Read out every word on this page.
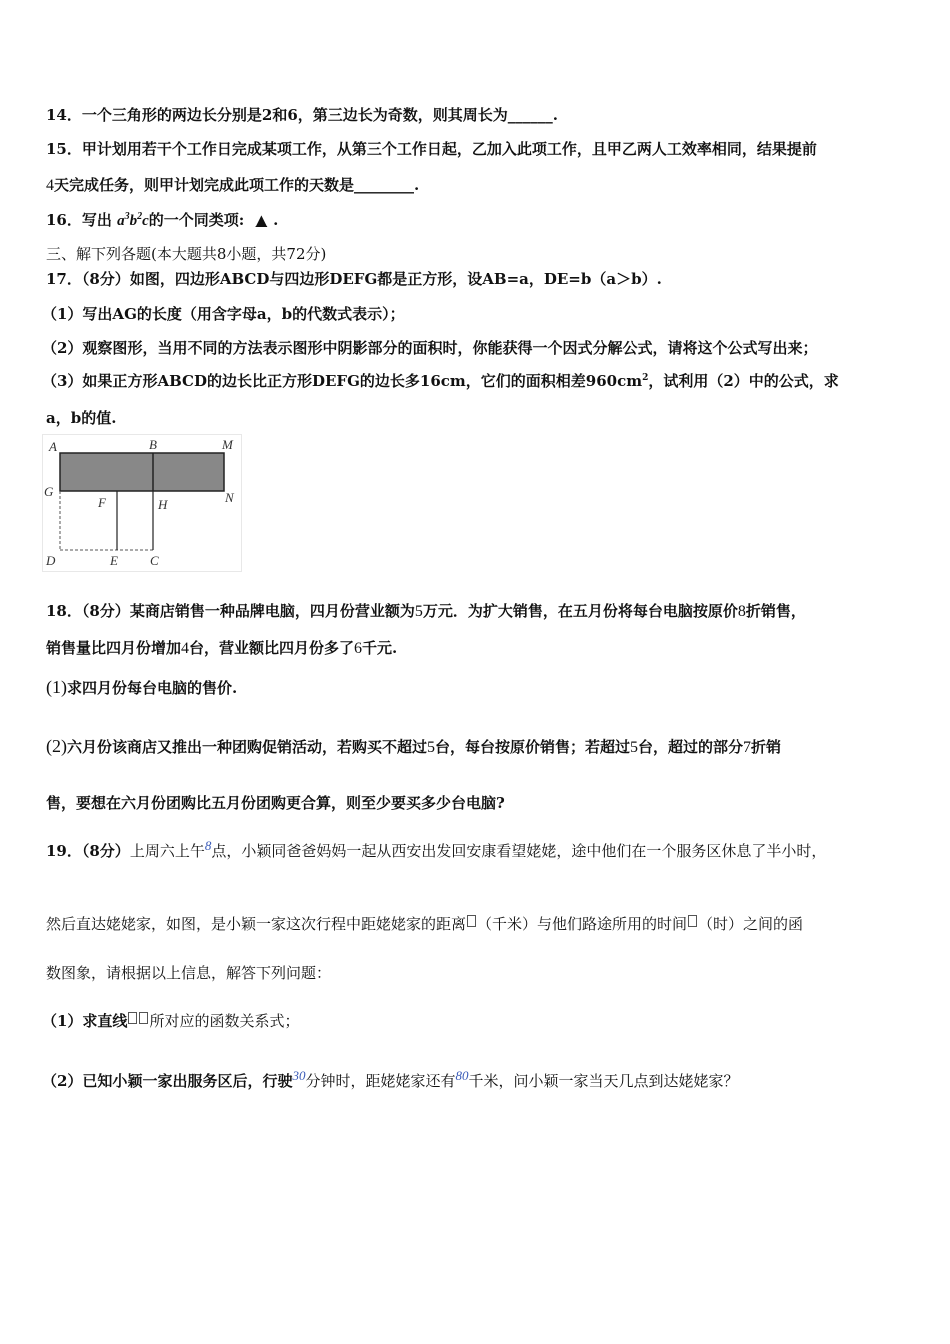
14．一个三角形的两边长分别是2和6，第三边长为奇数，则其周长为______.
15．甲计划用若干个工作日完成某项工作，从第三个工作日起，乙加入此项工作，且甲乙两人工效率相同，结果提前
4天完成任务，则甲计划完成此项工作的天数是________.
16．写出 $a^3b^2c$的一个同类项: ▲ .
三、解下列各题(本大题共8小题，共72分)
17．（8分）如图，四边形ABCD与四边形DEFG都是正方形，设AB=a，DE=b（a＞b）.
（1）写出AG的长度（用含字母a，b的代数式表示）；
（2）观察图形，当用不同的方法表示图形中阴影部分的面积时，你能获得一个因式分解公式，请将这个公式写出来；
（3）如果正方形ABCD的边长比正方形DEFG的边长多16cm，它们的面积相差$960cm^2$，试利用（2）中的公式，求
a，b的值.
A	B	M
G	N
F	H
D	E C
18．（8分）某商店销售一种品牌电脑，四月份营业额为5万元．为扩大销售，在五月份将每台电脑按原价8折销售，
销售量比四月份增加4台，营业额比四月份多了6千元.
(1)求四月份每台电脑的售价.
(2)六月份该商店又推出一种团购促销活动，若购买不超过5台，每台按原价销售；若超过5台，超过的部分7折销
售，要想在六月份团购比五月份团购更合算，则至少要买多少台电脑?
19．（8分）上周六上午8点，小颖同爸爸妈妈一起从西安出发回安康看望姥姥，途中他们在一个服务区休息了半小时，
然后直达姥姥家，如图，是小颖一家这次行程中距姥姥家的距离 （千米）与他们路途所用的时间 （时）之间的函
数图象，请根据以上信息，解答下列问题：
（1）求直线 所对应的函数关系式；
（2）已知小颖一家出服务区后，行驶30分钟时，距姥姥家还有80千米，问小颖一家当天几点到达姥姥家？
